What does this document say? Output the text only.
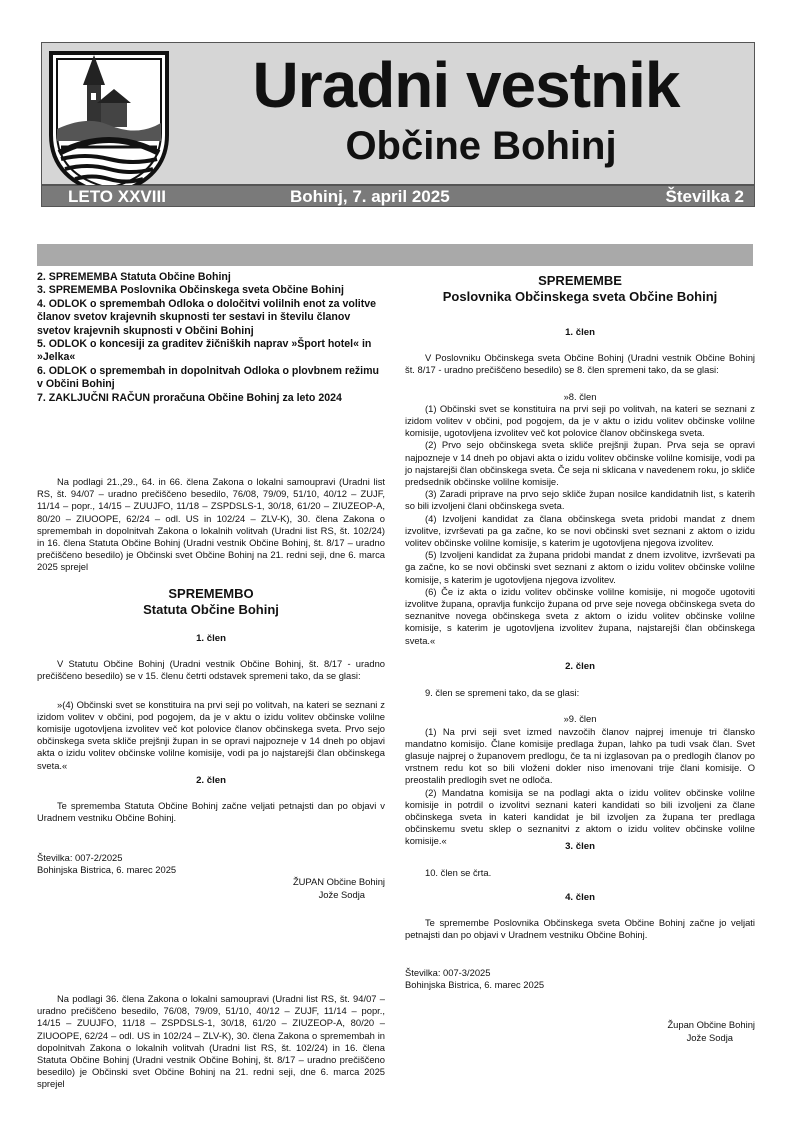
Uradni vestnik
Občine Bohinj
LETO XXVIII	Bohinj, 7. april 2025	Številka 2
2. SPREMEMBA Statuta Občine Bohinj
3. SPREMEMBA Poslovnika Občinskega sveta Občine Bohinj
4. ODLOK o spremembah Odloka o določitvi volilnih enot za volitve članov svetov krajevnih skupnosti ter sestavi in številu članov svetov krajevnih skupnosti v Občini Bohinj
5. ODLOK o koncesiji za graditev žičniških naprav »Šport hotel« in »Jelka«
6. ODLOK o spremembah in dopolnitvah Odloka o plovbnem režimu v Občini Bohinj
7. ZAKLJUČNI RAČUN proračuna Občine Bohinj za leto 2024

Na podlagi 21.,29., 64. in 66. člena Zakona o lokalni samoupravi (Uradni list RS, št. 94/07 – uradno prečiščeno besedilo, 76/08, 79/09, 51/10, 40/12 – ZUJF, 11/14 – popr., 14/15 – ZUUJFO, 11/18 – ZSPDSLS-1, 30/18, 61/20 – ZIUZEOP-A, 80/20 – ZIUOOPE, 62/24 – odl. US in 102/24 – ZLV-K), 30. člena Zakona o spremembah in dopolnitvah Zakona o lokalnih volitvah (Uradni list RS, št. 102/24) in 16. člena Statuta Občine Bohinj (Uradni vestnik Občine Bohinj, št. 8/17 – uradno prečiščeno besedilo) je Občinski svet Občine Bohinj na 21. redni seji, dne 6. marca 2025 sprejel

SPREMEMBO
Statuta Občine Bohinj
1. člen

V Statutu Občine Bohinj (Uradni vestnik Občine Bohinj, št. 8/17 - uradno prečiščeno besedilo) se v 15. členu četrti odstavek spremeni tako, da se glasi:

»(4) Občinski svet se konstituira na prvi seji po volitvah, na kateri se seznani z izidom volitev v občini, pod pogojem, da je v aktu o izidu volitev občinske volilne komisije ugotovljena izvolitev več kot polovice članov občinskega sveta. Prvo sejo občinskega sveta skliče prejšnji župan in se opravi najpozneje v 14 dneh po objavi akta o izidu volitev občinske volilne komisije, vodi pa jo najstarejši član občinskega sveta.«

2. člen

Te sprememba Statuta Občine Bohinj začne veljati petnajsti dan po objavi v Uradnem vestniku Občine Bohinj.

Številka: 007-2/2025
Bohinjska Bistrica, 6. marec 2025
ŽUPAN Občine Bohinj
Jože Sodja

Na podlagi 36. člena Zakona o lokalni samoupravi (Uradni list RS, št. 94/07 – uradno prečiščeno besedilo, 76/08, 79/09, 51/10, 40/12 – ZUJF, 11/14 – popr., 14/15 – ZUUJFO, 11/18 – ZSPDSLS-1, 30/18, 61/20 – ZIUZEOP-A, 80/20 – ZIUOOPE, 62/24 – odl. US in 102/24 – ZLV-K), 30. člena Zakona o spremembah in dopolnitvah Zakona o lokalnih volitvah (Uradni list RS, št. 102/24) in 16. člena Statuta Občine Bohinj (Uradni vestnik Občine Bohinj, št. 8/17 – uradno prečiščeno besedilo) je Občinski svet Občine Bohinj na 21. redni seji, dne 6. marca 2025 sprejel

SPREMEMBE
Poslovnika Občinskega sveta Občine Bohinj
1. člen

V Poslovniku Občinskega sveta Občine Bohinj (Uradni vestnik Občine Bohinj št. 8/17 - uradno prečiščeno besedilo) se 8. člen spremeni tako, da se glasi:

»8. člen

(1) Občinski svet se konstituira na prvi seji po volitvah, na kateri se seznani z izidom volitev v občini, pod pogojem, da je v aktu o izidu volitev občinske volilne komisije, ugotovljena izvolitev več kot polovice članov občinskega sveta.

(2) Prvo sejo občinskega sveta skliče prejšnji župan. Prva seja se opravi najpozneje v 14 dneh po objavi akta o izidu volitev občinske volilne komisije, vodi pa jo najstarejši član občinskega sveta. Če seja ni sklicana v navedenem roku, jo skliče predsednik občinske volilne komisije.

(3) Zaradi priprave na prvo sejo skliče župan nosilce kandidatnih list, s katerih so bili izvoljeni člani občinskega sveta.

(4) Izvoljeni kandidat za člana občinskega sveta pridobi mandat z dnem izvolitve, izvrševati pa ga začne, ko se novi občinski svet seznani z aktom o izidu volitev občinske volilne komisije, s katerim je ugotovljena njegova izvolitev.

(5) Izvoljeni kandidat za župana pridobi mandat z dnem izvolitve, izvrševati pa ga začne, ko se novi občinski svet seznani z aktom o izidu volitev občinske volilne komisije, s katerim je ugotovljena njegova izvolitev.

(6) Če iz akta o izidu volitev občinske volilne komisije, ni mogoče ugotoviti izvolitve župana, opravlja funkcijo župana od prve seje novega občinskega sveta do seznanitve novega občinskega sveta z aktom o izidu volitev občinske volilne komisije, s katerim je ugotovljena izvolitev župana, najstarejši član občinskega sveta.«

2. člen

9. člen se spremeni tako, da se glasi:

»9. člen

(1) Na prvi seji svet izmed navzočih članov najprej imenuje tri člansko mandatno komisijo. Člane komisije predlaga župan, lahko pa tudi vsak član. Svet glasuje najprej o županovem predlogu, če ta ni izglasovan pa o predlogih članov po vrstnem redu kot so bili vloženi dokler niso imenovani trije člani komisije. O preostalih predlogih svet ne odloča.

(2) Mandatna komisija se na podlagi akta o izidu volitev občinske volilne komisije in potrdil o izvolitvi seznani kateri kandidati so bili izvoljeni za člane občinskega sveta in kateri kandidat je bil izvoljen za župana ter predlaga občinskemu svetu sklep o seznanitvi z aktom o izidu volitev občinske volilne komisije.«

3. člen

10. člen se črta.

4. člen

Te spremembe Poslovnika Občinskega sveta Občine Bohinj začne jo veljati petnajsti dan po objavi v Uradnem vestniku Občine Bohinj.

Številka: 007-3/2025
Bohinjska Bistrica, 6. marec 2025
Župan Občine Bohinj
Jože Sodja
